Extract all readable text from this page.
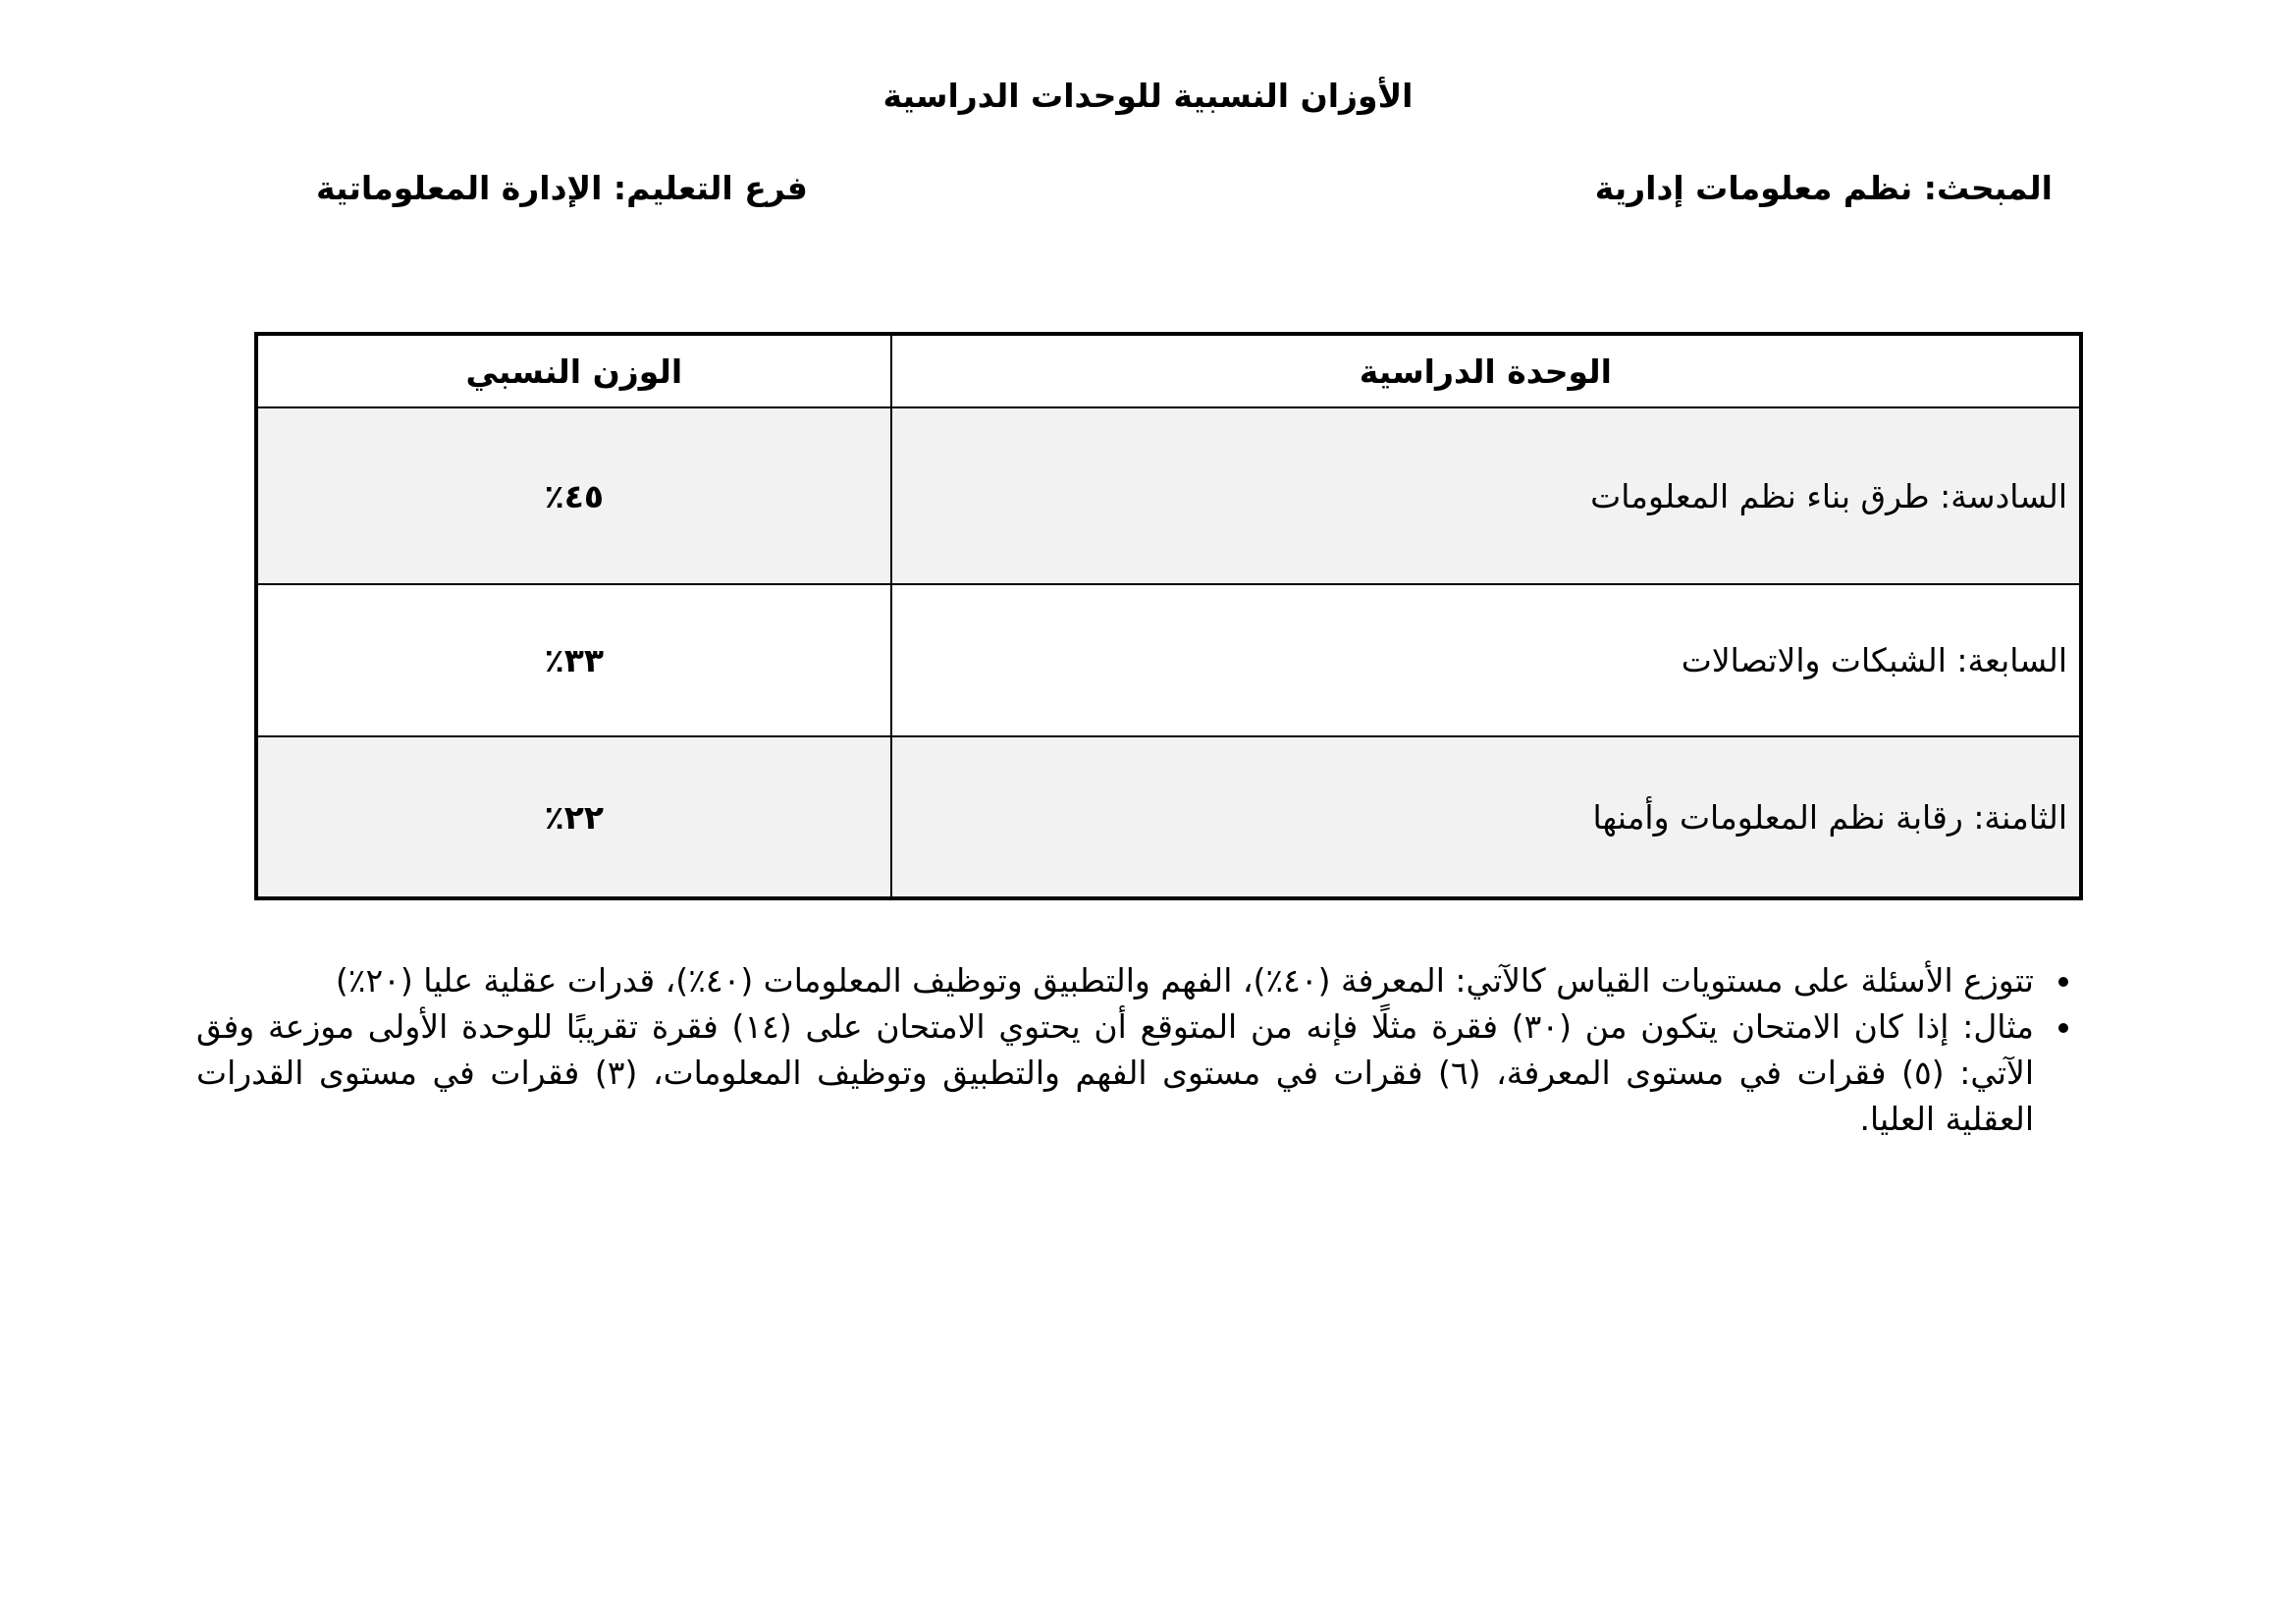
الأوزان النسبية للوحدات الدراسية
المبحث: نظم معلومات إدارية
فرع التعليم: الإدارة المعلوماتية
الوحدة الدراسية	الوزن النسبي
السادسة: طرق بناء نظم المعلومات	٤٥٪
السابعة: الشبكات والاتصالات	٣٣٪
الثامنة: رقابة نظم المعلومات وأمنها	٢٢٪
• تتوزع الأسئلة على مستويات القياس كالآتي: المعرفة (٤٠٪)، الفهم والتطبيق وتوظيف المعلومات (٤٠٪)، قدرات عقلية عليا (٢٠٪)
• مثال: إذا كان الامتحان يتكون من (٣٠) فقرة مثلًا فإنه من المتوقع أن يحتوي الامتحان على (١٤) فقرة تقريبًا للوحدة الأولى موزعة وفق الآتي: (٥) فقرات في مستوى المعرفة، (٦) فقرات في مستوى الفهم والتطبيق وتوظيف المعلومات، (٣) فقرات في مستوى القدرات العقلية العليا.
